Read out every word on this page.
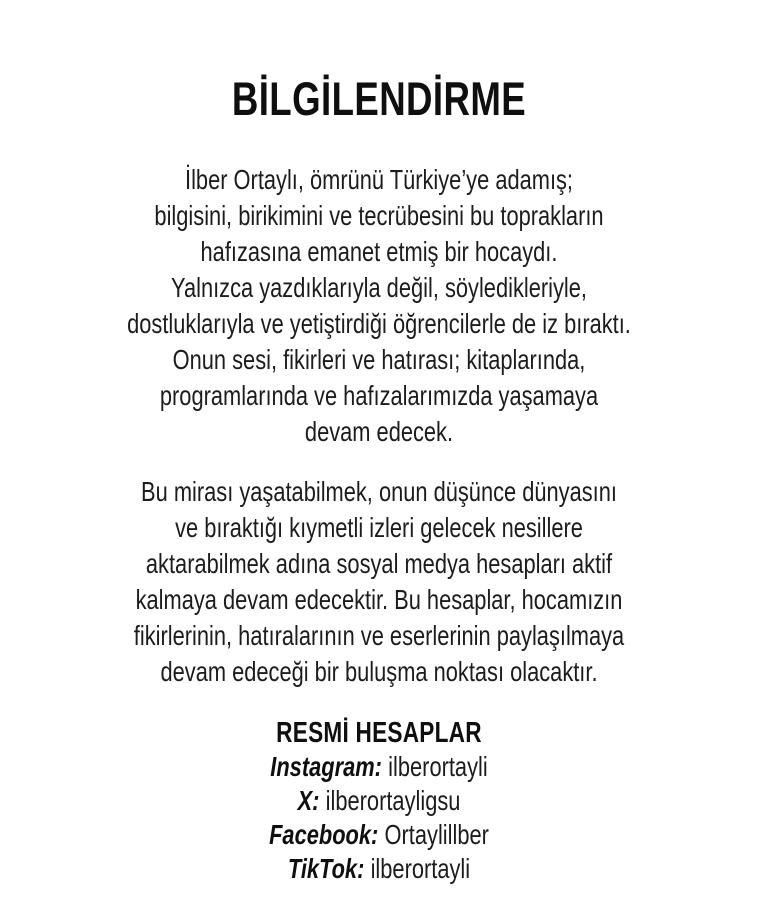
BİLGİLENDİRME
İlber Ortaylı, ömrünü Türkiye’ye adamış;
bilgisini, birikimini ve tecrübesini bu toprakların
hafızasına emanet etmiş bir hocaydı.
Yalnızca yazdıklarıyla değil, söyledikleriyle,
dostluklarıyla ve yetiştirdiği öğrencilerle de iz bıraktı.
Onun sesi, fikirleri ve hatırası; kitaplarında,
programlarında ve hafızalarımızda yaşamaya
devam edecek.
Bu mirası yaşatabilmek, onun düşünce dünyasını
ve bıraktığı kıymetli izleri gelecek nesillere
aktarabilmek adına sosyal medya hesapları aktif
kalmaya devam edecektir. Bu hesaplar, hocamızın
fikirlerinin, hatıralarının ve eserlerinin paylaşılmaya
devam edeceği bir buluşma noktası olacaktır.
RESMİ HESAPLAR
Instagram: ilberortayli
X: ilberortayligsu
Facebook: Ortaylillber
TikTok: ilberortayli
